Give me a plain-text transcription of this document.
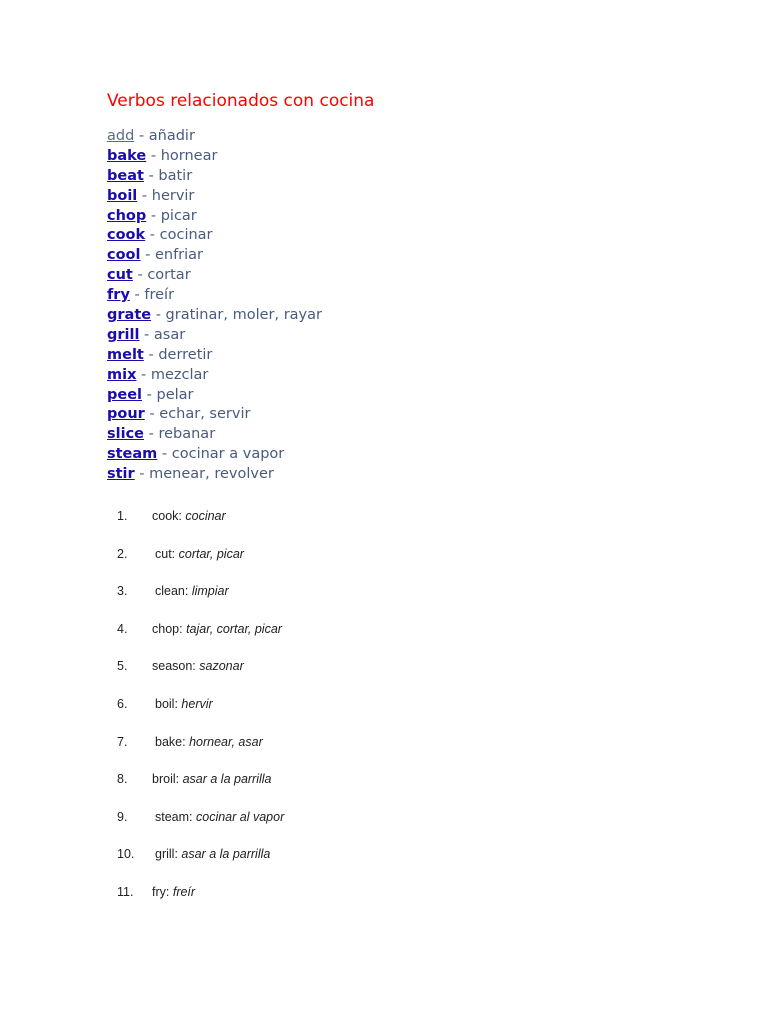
Verbos relacionados con cocina
add - añadir
bake - hornear
beat - batir
boil - hervir
chop - picar
cook - cocinar
cool - enfriar
cut - cortar
fry - freír
grate - gratinar, moler, rayar
grill - asar
melt - derretir
mix - mezclar
peel - pelar
pour - echar, servir
slice - rebanar
steam - cocinar a vapor
stir - menear, revolver
1. cook: cocinar
2. cut: cortar, picar
3. clean: limpiar
4. chop: tajar, cortar, picar
5. season: sazonar
6. boil: hervir
7. bake: hornear, asar
8. broil: asar a la parrilla
9. steam: cocinar al vapor
10. grill: asar a la parrilla
11. fry: freír
